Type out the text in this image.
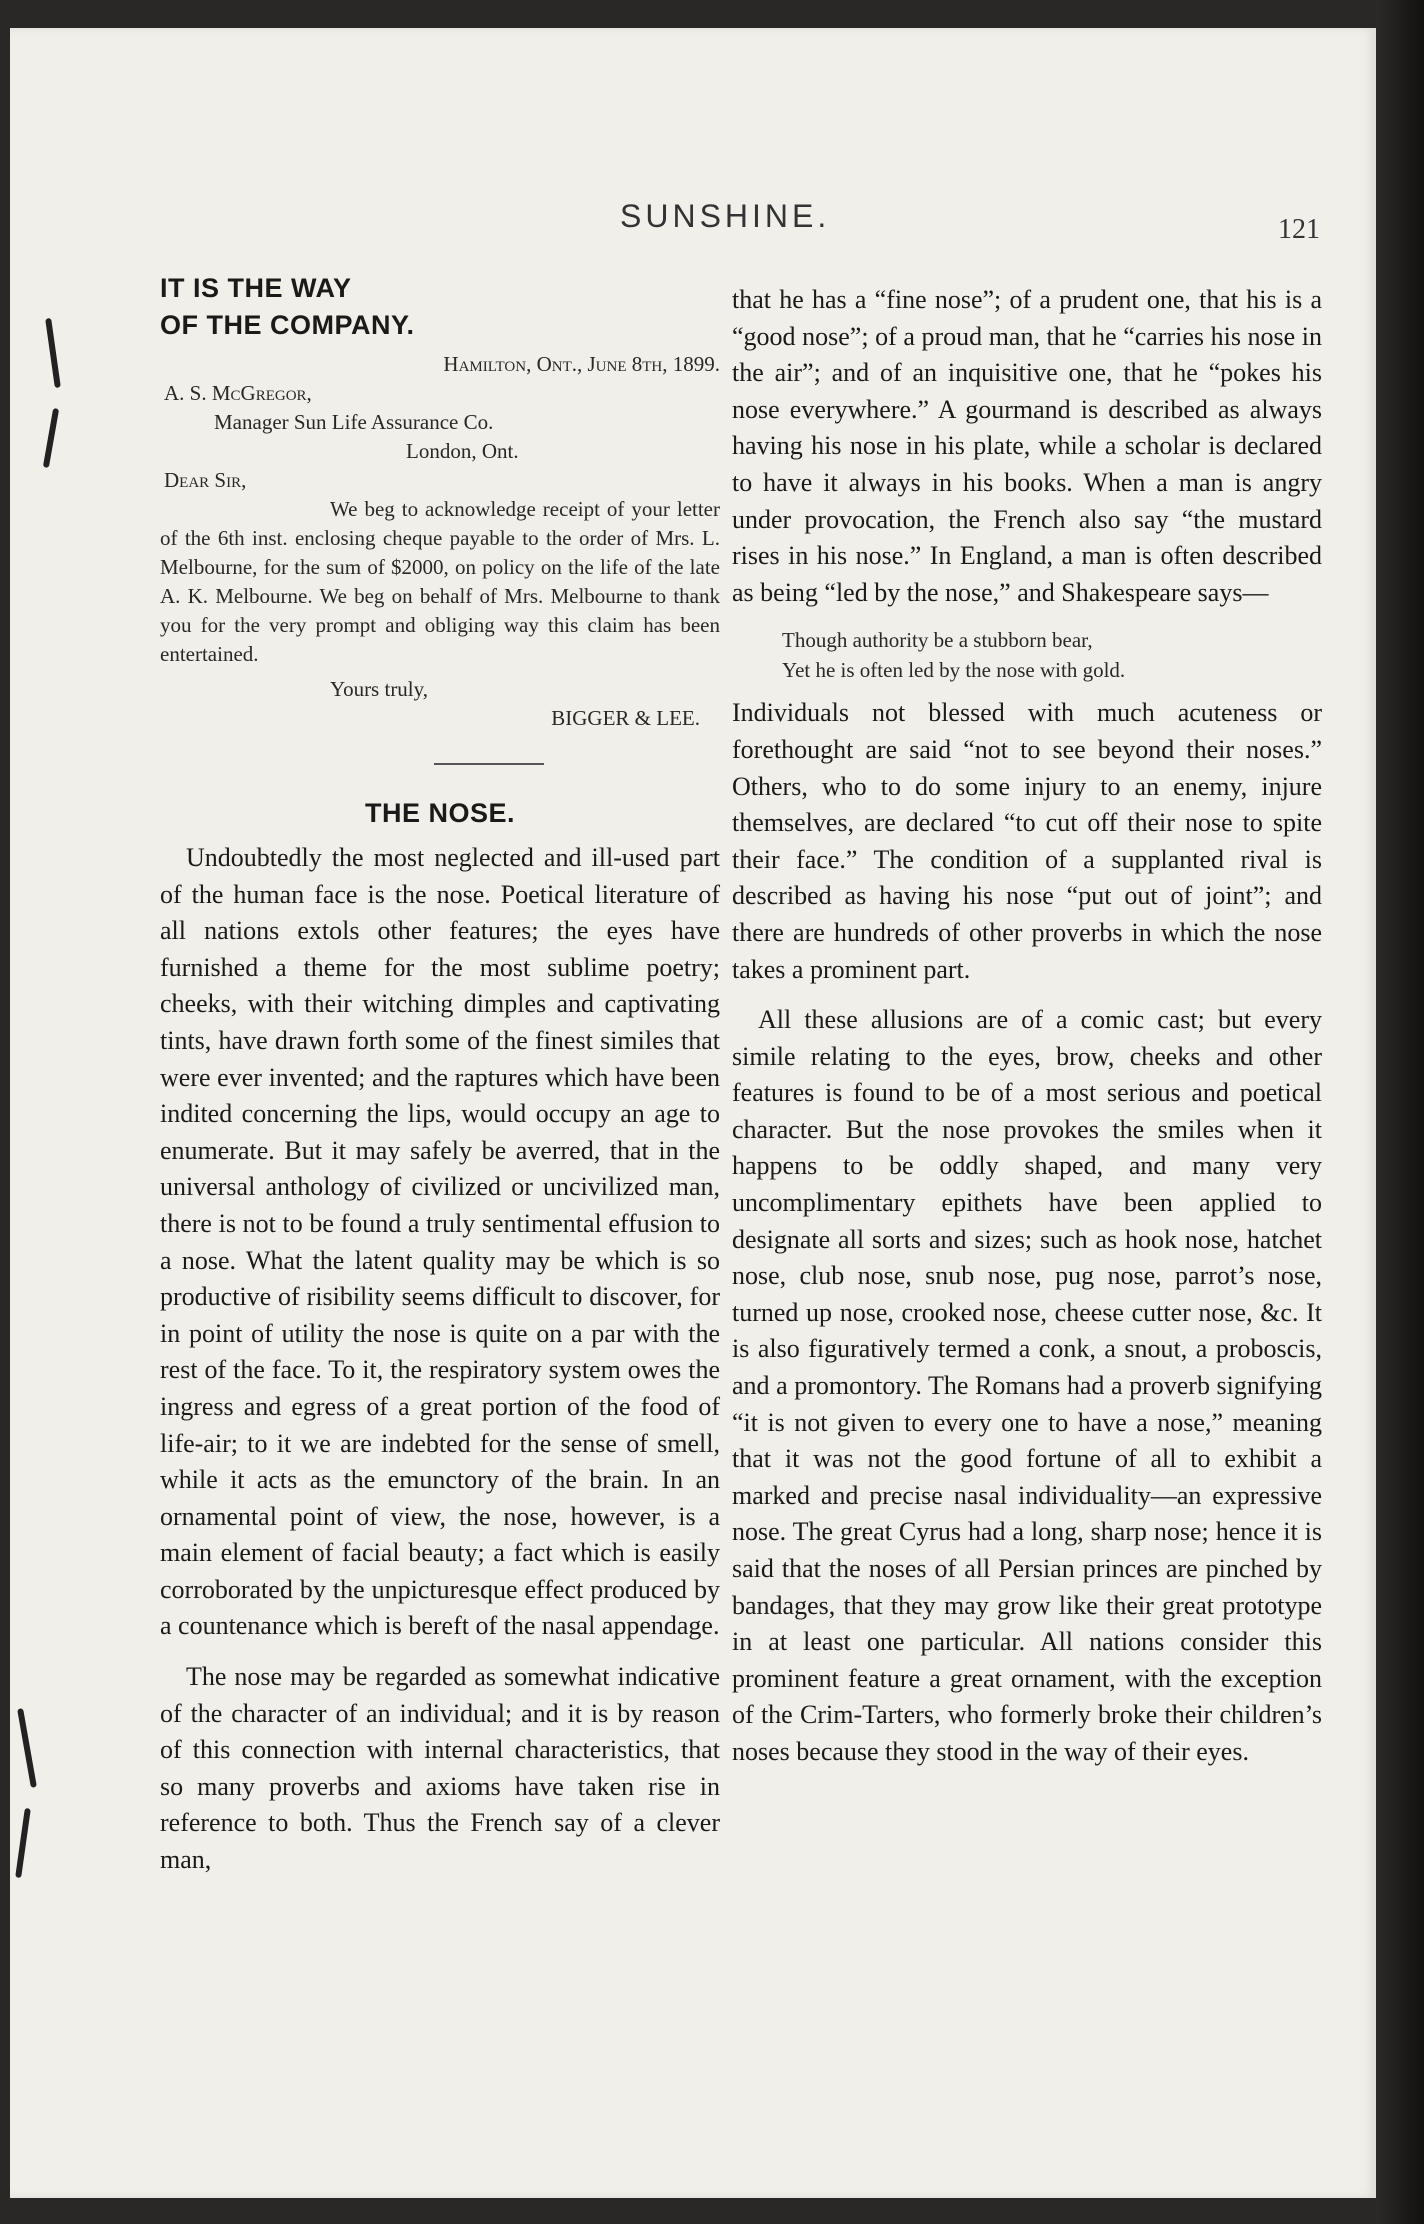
SUNSHINE.	121
IT IS THE WAY
OF THE COMPANY.
Hamilton, Ont., June 8th, 1899.
A. S. McGregor,
Manager Sun Life Assurance Co.
London, Ont.
Dear Sir,

We beg to acknowledge receipt of your letter of the 6th inst. enclosing cheque payable to the order of Mrs. L. Melbourne, for the sum of $2000, on policy on the life of the late A. K. Melbourne. We beg on behalf of Mrs. Melbourne to thank you for the very prompt and obliging way this claim has been entertained.

Yours truly,
BIGGER & LEE.
THE NOSE.

Undoubtedly the most neglected and ill-used part of the human face is the nose. Poetical literature of all nations extols other features; the eyes have furnished a theme for the most sublime poetry; cheeks, with their witching dimples and captivating tints, have drawn forth some of the finest similes that were ever invented; and the raptures which have been indited concerning the lips, would occupy an age to enumerate. But it may safely be averred, that in the universal anthology of civilized or uncivilized man, there is not to be found a truly sentimental effusion to a nose. What the latent quality may be which is so productive of risibility seems difficult to discover, for in point of utility the nose is quite on a par with the rest of the face. To it, the respiratory system owes the ingress and egress of a great portion of the food of life-air; to it we are indebted for the sense of smell, while it acts as the emunctory of the brain. In an ornamental point of view, the nose, however, is a main element of facial beauty; a fact which is easily corroborated by the unpicturesque effect produced by a countenance which is bereft of the nasal appendage.

The nose may be regarded as somewhat indicative of the character of an individual; and it is by reason of this connection with internal characteristics, that so many proverbs and axioms have taken rise in reference to both. Thus the French say of a clever man,

that he has a “fine nose”; of a prudent one, that his is a “good nose”; of a proud man, that he “carries his nose in the air”; and of an inquisitive one, that he “pokes his nose everywhere.” A gourmand is described as always having his nose in his plate, while a scholar is declared to have it always in his books. When a man is angry under provocation, the French also say “the mustard rises in his nose.” In England, a man is often described as being “led by the nose,” and Shakespeare says—

Though authority be a stubborn bear,
Yet he is often led by the nose with gold.

Individuals not blessed with much acuteness or forethought are said “not to see beyond their noses.” Others, who to do some injury to an enemy, injure themselves, are declared “to cut off their nose to spite their face.” The condition of a supplanted rival is described as having his nose “put out of joint”; and there are hundreds of other proverbs in which the nose takes a prominent part.

All these allusions are of a comic cast; but every simile relating to the eyes, brow, cheeks and other features is found to be of a most serious and poetical character. But the nose provokes the smiles when it happens to be oddly shaped, and many very uncomplimentary epithets have been applied to designate all sorts and sizes; such as hook nose, hatchet nose, club nose, snub nose, pug nose, parrot’s nose, turned up nose, crooked nose, cheese cutter nose, &c. It is also figuratively termed a conk, a snout, a proboscis, and a promontory. The Romans had a proverb signifying “it is not given to every one to have a nose,” meaning that it was not the good fortune of all to exhibit a marked and precise nasal individuality—an expressive nose. The great Cyrus had a long, sharp nose; hence it is said that the noses of all Persian princes are pinched by bandages, that they may grow like their great prototype in at least one particular. All nations consider this prominent feature a great ornament, with the exception of the Crim-Tarters, who formerly broke their children’s noses because they stood in the way of their eyes.
